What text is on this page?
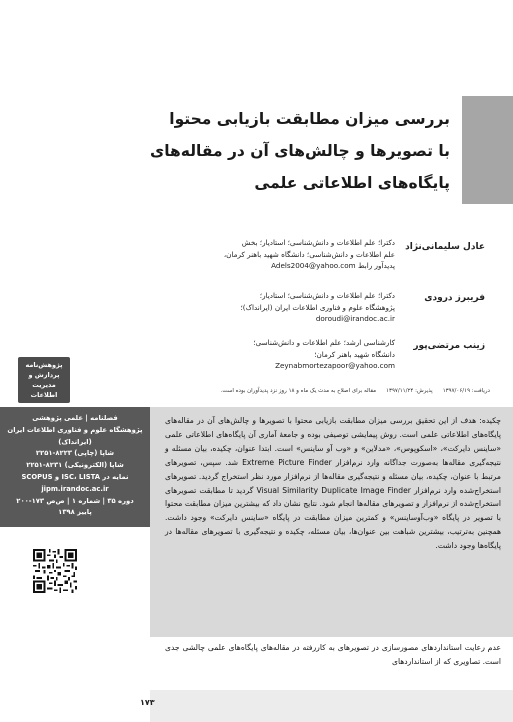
بررسی میزان مطابقت بازیابی محتوا
با تصویرها و چالش‌های آن در مقاله‌های
پایگاه‌های اطلاعاتی علمی
عادل سلیمانی‌نژاد
دکترا؛ علم اطلاعات و دانش‌شناسی؛ استادیار؛ بخش
علم اطلاعات و دانش‌شناسی؛ دانشگاه شهید باهنر کرمان،
پدیدآور رابط Adels2004@yahoo.com
فریبرز درودی
دکترا؛ علم اطلاعات و دانش‌شناسی؛ استادیار؛
پژوهشگاه علوم و فناوری اطلاعات ایران (ایرانداک)؛
doroudi@irandoc.ac.ir
زینب مرتضی‌پور
کارشناسی ارشد؛ علم اطلاعات و دانش‌شناسی؛
دانشگاه شهید باهنر کرمان؛
Zeynabmortezapoor@yahoo.com
پژوهش‌نامه
پردازش و
مدیریت
اطلاعات	دریافت: ۱۳۹۷/۰۶/۱۹
پذیرش: ۱۳۹۷/۱۱/۲۴
مقاله برای اصلاح به مدت یک ماه و ۱۸ روز نزد پدیدآوران بوده است.
فصلنامه | علمی پژوهشی
پژوهشگاه علوم و فناوری اطلاعات ایران
(ایرانداک)
شاپا (چاپی) ۸۲۲۳-۲۲۵۱
شاپا (الکترونیکی) ۸۲۳۱-۲۲۵۱
نمایه در ISC، LISTA و SCOPUS
jipm.irandoc.ac.ir
دوره ۳۵ | شماره ۱ | ص‌ص ۱۷۳-۲۰۰
پاییز ۱۳۹۸
چکیده: هدف از این تحقیق بررسی میزان مطابقت بازیابی محتوا با تصویرها و چالش‌های آن در مقاله‌های پایگاه‌های اطلاعاتی علمی است. روش پیمایشی توصیفی بوده و جامعهٔ آماری آن پایگاه‌های اطلاعاتی علمی «ساینس دایرکت»، «اسکوپوس»، «مدلاین» و «وب آو ساینس» است. ابتدا عنوان، چکیده، بیان مسئله و نتیجه‌گیری مقاله‌ها به‌صورت جداگانه وارد نرم‌افزار Extreme Picture Finder شد. سپس، تصویرهای مرتبط با عنوان، چکیده، بیان مسئله و نتیجه‌گیری مقاله‌ها از نرم‌افزار مورد نظر استخراج گردید. تصویرهای استخراج‌شده وارد نرم‌افزار Visual Similarity Duplicate Image Finder گردید تا مطابقت تصویرهای استخراج‌شده از نرم‌افزار و تصویرهای مقاله‌ها انجام شود. نتایج نشان داد که بیشترین میزان مطابقت محتوا با تصویر در پایگاه «وب‌آوساینس» و کمترین میزان مطابقت در پایگاه «ساینس دایرکت» وجود داشت. همچنین به‌ترتیب، بیشترین شباهت بین عنوان‌ها، بیان مسئله، چکیده و نتیجه‌گیری با تصویرهای مقاله‌ها در پایگاه‌ها وجود داشت.
عدم رعایت استانداردهای مصورسازی در تصویرهای به کاررفته در مقاله‌های پایگاه‌های علمی چالشی جدی است. تصاویری که از استانداردهای
۱۷۳
